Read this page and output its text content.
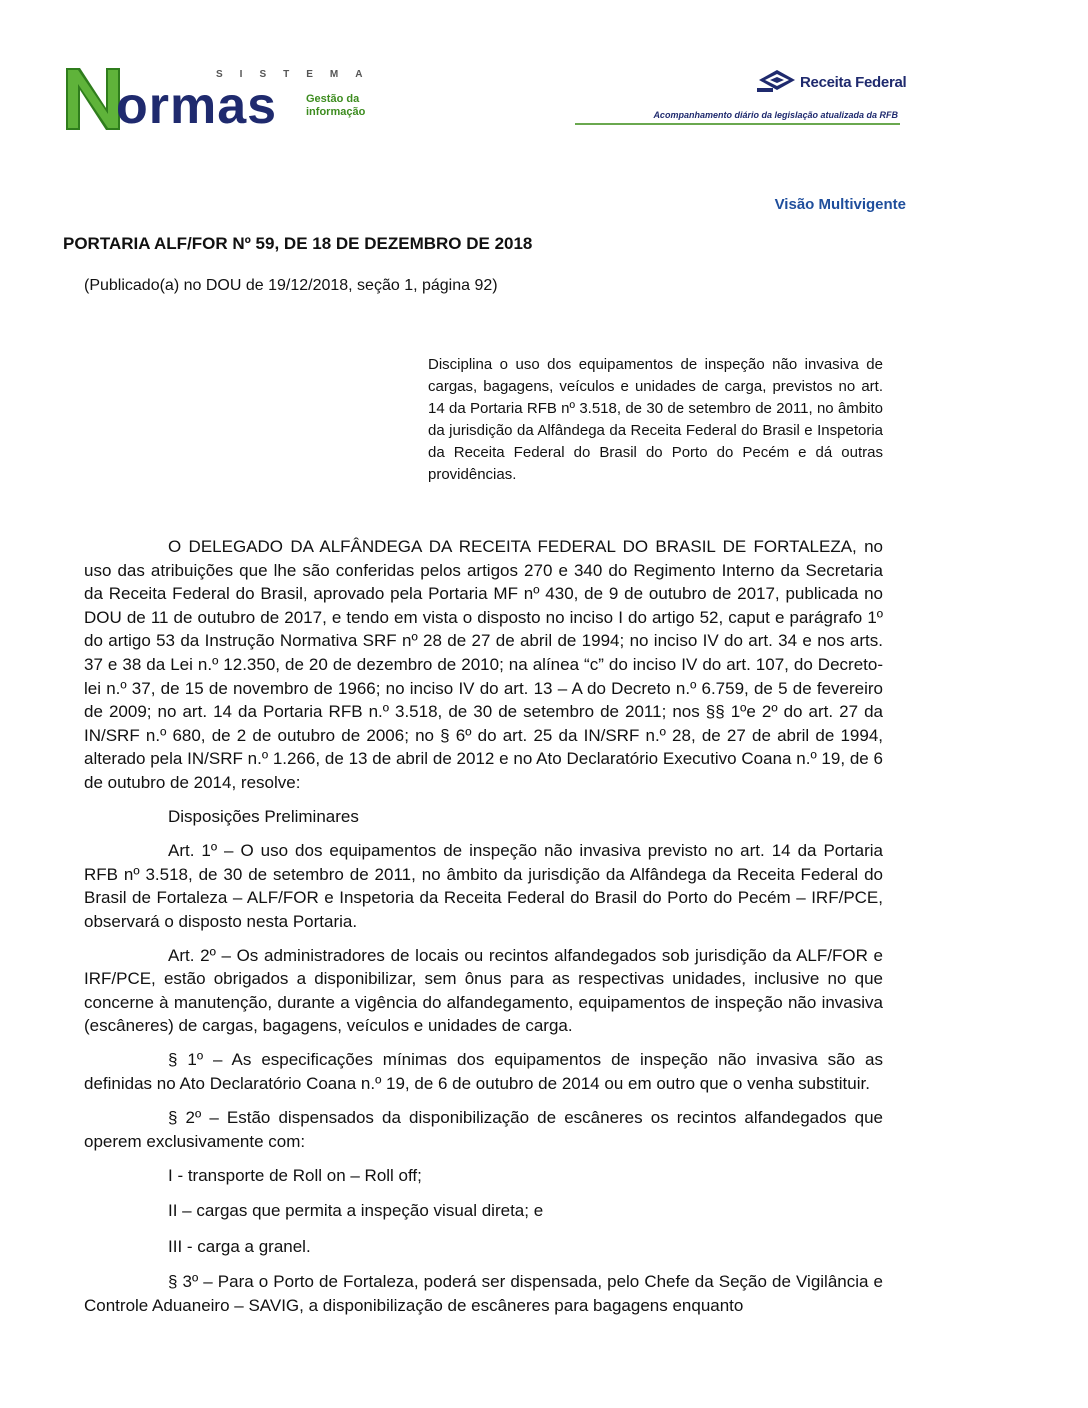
SISTEMA
ormas	Gestão da
informação
Receita Federal
Acompanhamento diário da legislação atualizada da RFB
Visão Multivigente
PORTARIA ALF/FOR Nº 59, DE 18 DE DEZEMBRO DE 2018
(Publicado(a) no DOU de 19/12/2018, seção 1, página 92)
Disciplina o uso dos equipamentos de inspeção não invasiva de cargas, bagagens, veículos e unidades de carga, previstos no art. 14 da Portaria RFB nº 3.518, de 30 de setembro de 2011, no âmbito da jurisdição da Alfândega da Receita Federal do Brasil e Inspetoria da Receita Federal do Brasil do Porto do Pecém e dá outras providências.

O DELEGADO DA ALFÂNDEGA DA RECEITA FEDERAL DO BRASIL DE FORTALEZA, no uso das atribuições que lhe são conferidas pelos artigos 270 e 340 do Regimento Interno da Secretaria da Receita Federal do Brasil, aprovado pela Portaria MF nº 430, de 9 de outubro de 2017, publicada no DOU de 11 de outubro de 2017, e tendo em vista o disposto no inciso I do artigo 52, caput e parágrafo 1º do artigo 53 da Instrução Normativa SRF nº 28 de 27 de abril de 1994; no inciso IV do art. 34 e nos arts. 37 e 38 da Lei n.º 12.350, de 20 de dezembro de 2010; na alínea “c” do inciso IV do art. 107, do Decreto-lei n.º 37, de 15 de novembro de 1966; no inciso IV do art. 13 – A do Decreto n.º 6.759, de 5 de fevereiro de 2009; no art. 14 da Portaria RFB n.º 3.518, de 30 de setembro de 2011; nos §§ 1ºe 2º do art. 27 da IN/SRF n.º 680, de 2 de outubro de 2006; no § 6º do art. 25 da IN/SRF n.º 28, de 27 de abril de 1994, alterado pela IN/SRF n.º 1.266, de 13 de abril de 2012 e no Ato Declaratório Executivo Coana n.º 19, de 6 de outubro de 2014, resolve:

Disposições Preliminares

Art. 1º – O uso dos equipamentos de inspeção não invasiva previsto no art. 14 da Portaria RFB nº 3.518, de 30 de setembro de 2011, no âmbito da jurisdição da Alfândega da Receita Federal do Brasil de Fortaleza – ALF/FOR e Inspetoria da Receita Federal do Brasil do Porto do Pecém – IRF/PCE, observará o disposto nesta Portaria.

Art. 2º – Os administradores de locais ou recintos alfandegados sob jurisdição da ALF/FOR e IRF/PCE, estão obrigados a disponibilizar, sem ônus para as respectivas unidades, inclusive no que concerne à manutenção, durante a vigência do alfandegamento, equipamentos de inspeção não invasiva (escâneres) de cargas, bagagens, veículos e unidades de carga.

§ 1º – As especificações mínimas dos equipamentos de inspeção não invasiva são as definidas no Ato Declaratório Coana n.º 19, de 6 de outubro de 2014 ou em outro que o venha substituir.

§ 2º – Estão dispensados da disponibilização de escâneres os recintos alfandegados que operem exclusivamente com:

I - transporte de Roll on – Roll off;

II – cargas que permita a inspeção visual direta; e

III - carga a granel.

§ 3º – Para o Porto de Fortaleza, poderá ser dispensada, pelo Chefe da Seção de Vigilância e Controle Aduaneiro – SAVIG, a disponibilização de escâneres para bagagens enquanto
